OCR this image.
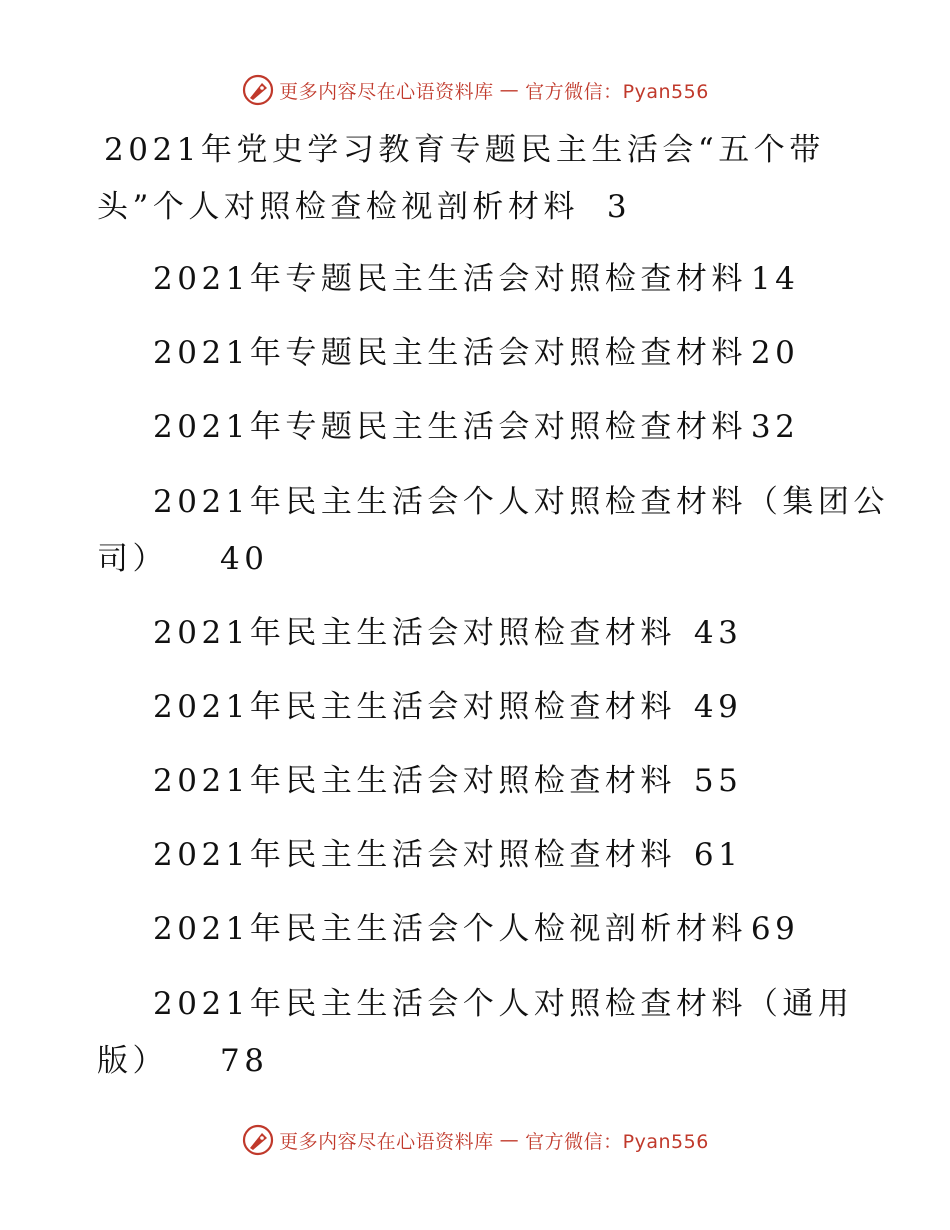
更多内容尽在心语资料库 — 官方微信：Pyan556
2021年党史学习教育专题民主生活会“五个带
头”个人对照检查检视剖析材料 3
2021年专题民主生活会对照检查材料 14
2021年专题民主生活会对照检查材料 20
2021年专题民主生活会对照检查材料 32
2021年民主生活会个人对照检查材料（集团公
司） 40
2021年民主生活会对照检查材料 43
2021年民主生活会对照检查材料 49
2021年民主生活会对照检查材料 55
2021年民主生活会对照检查材料 61
2021年民主生活会个人检视剖析材料 69
2021年民主生活会个人对照检查材料（通用
版） 78
更多内容尽在心语资料库 — 官方微信：Pyan556
